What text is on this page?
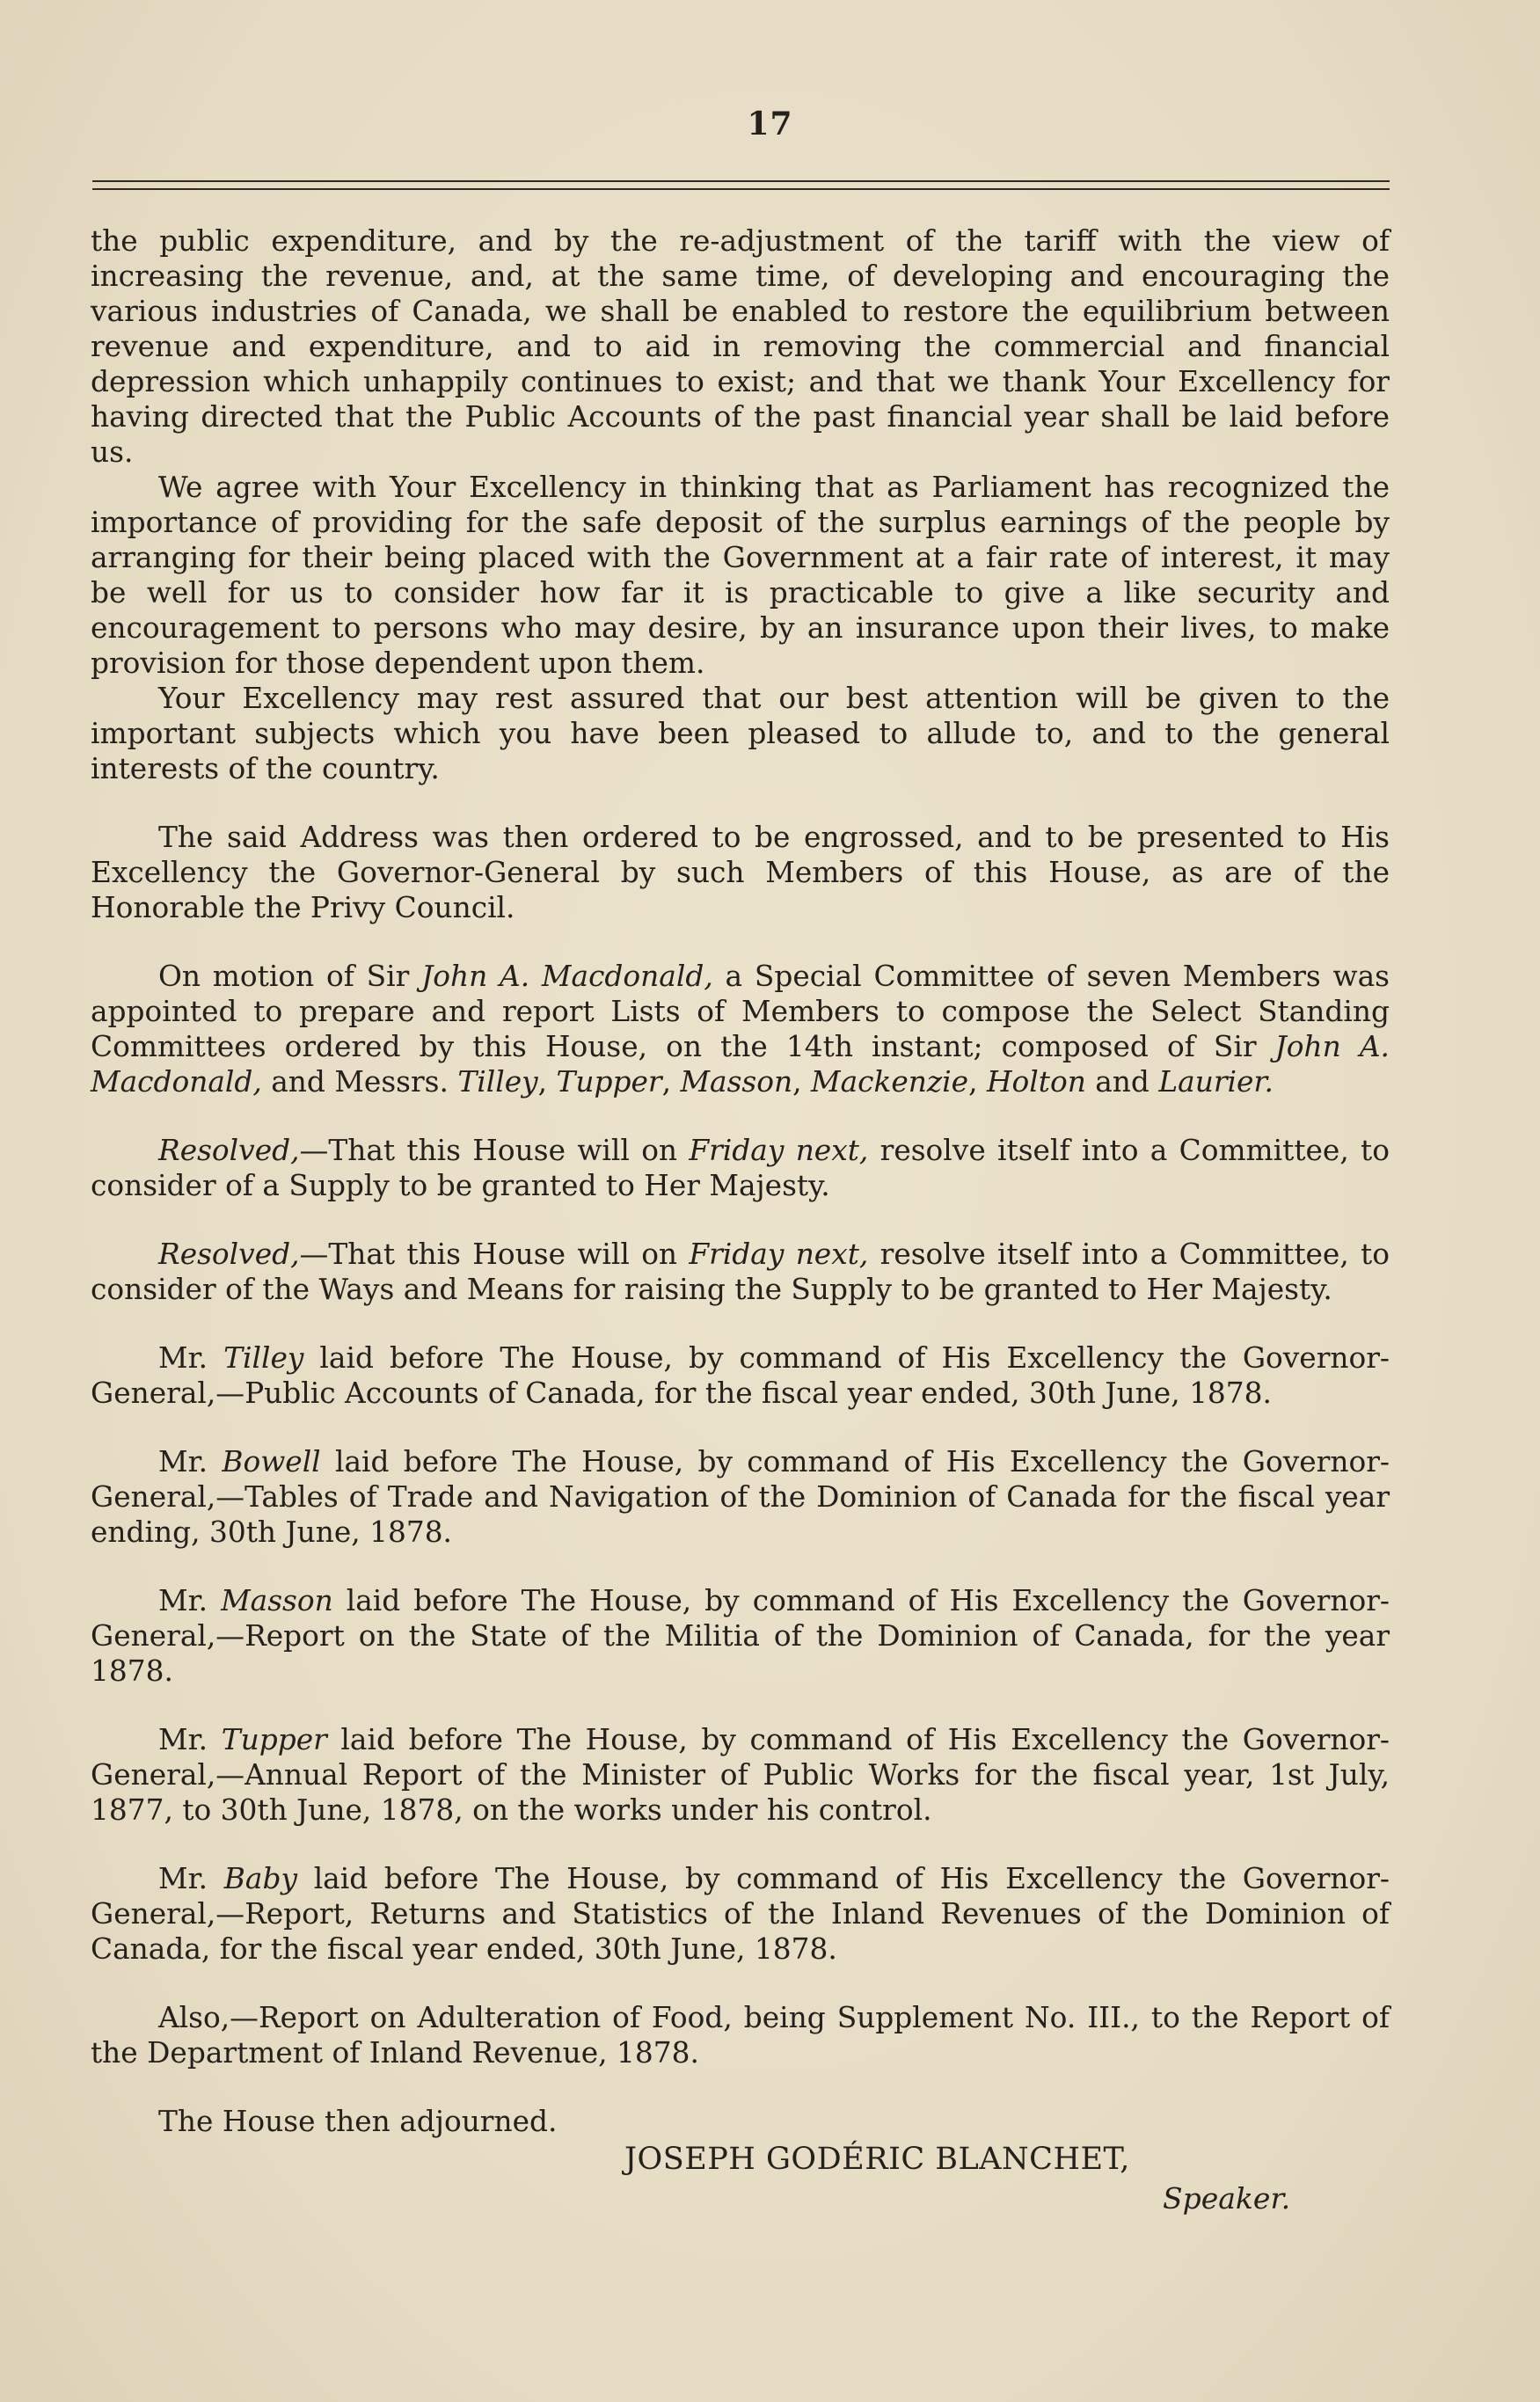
17

the public expenditure, and by the re-adjustment of the tariff with the view of increasing the revenue, and, at the same time, of developing and encouraging the various industries of Canada, we shall be enabled to restore the equilibrium between revenue and expenditure, and to aid in removing the commercial and financial depression which unhappily continues to exist; and that we thank Your Excellency for having directed that the Public Accounts of the past financial year shall be laid before us.

We agree with Your Excellency in thinking that as Parliament has recognized the importance of providing for the safe deposit of the surplus earnings of the people by arranging for their being placed with the Government at a fair rate of interest, it may be well for us to consider how far it is practicable to give a like security and encouragement to persons who may desire, by an insurance upon their lives, to make provision for those dependent upon them.

Your Excellency may rest assured that our best attention will be given to the important subjects which you have been pleased to allude to, and to the general interests of the country.

The said Address was then ordered to be engrossed, and to be presented to His Excellency the Governor-General by such Members of this House, as are of the Honorable the Privy Council.

On motion of Sir John A. Macdonald, a Special Committee of seven Members was appointed to prepare and report Lists of Members to compose the Select Standing Committees ordered by this House, on the 14th instant; composed of Sir John A. Macdonald, and Messrs. Tilley, Tupper, Masson, Mackenzie, Holton and Laurier.

Resolved,—That this House will on Friday next, resolve itself into a Committee, to consider of a Supply to be granted to Her Majesty.

Resolved,—That this House will on Friday next, resolve itself into a Committee, to consider of the Ways and Means for raising the Supply to be granted to Her Majesty.

Mr. Tilley laid before The House, by command of His Excellency the Governor-General,—Public Accounts of Canada, for the fiscal year ended, 30th June, 1878.

Mr. Bowell laid before The House, by command of His Excellency the Governor-General,—Tables of Trade and Navigation of the Dominion of Canada for the fiscal year ending, 30th June, 1878.

Mr. Masson laid before The House, by command of His Excellency the Governor-General,—Report on the State of the Militia of the Dominion of Canada, for the year 1878.

Mr. Tupper laid before The House, by command of His Excellency the Governor-General,—Annual Report of the Minister of Public Works for the fiscal year, 1st July, 1877, to 30th June, 1878, on the works under his control.

Mr. Baby laid before The House, by command of His Excellency the Governor-General,—Report, Returns and Statistics of the Inland Revenues of the Dominion of Canada, for the fiscal year ended, 30th June, 1878.

Also,—Report on Adulteration of Food, being Supplement No. III., to the Report of the Department of Inland Revenue, 1878.

The House then adjourned.

JOSEPH GODÉRIC BLANCHET,
Speaker.
